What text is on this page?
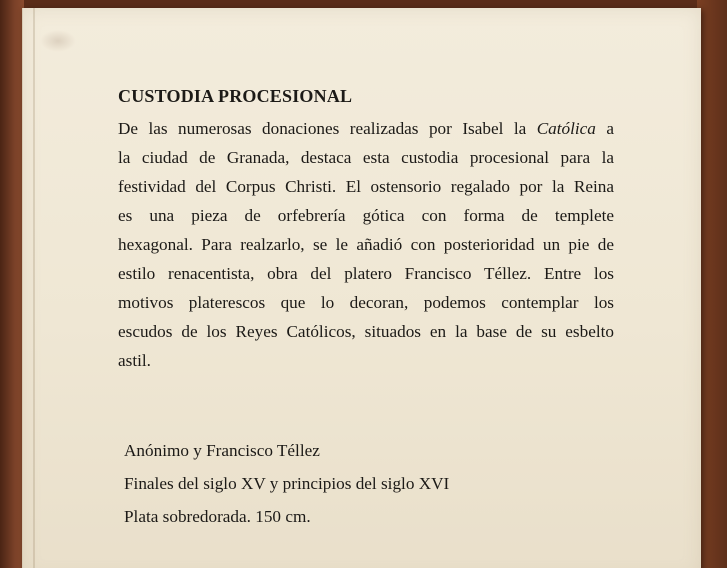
CUSTODIA PROCESIONAL
De las numerosas donaciones realizadas por Isabel la Católica a
la ciudad de Granada, destaca esta custodia procesional para la
festividad del Corpus Christi. El ostensorio regalado por la Reina
es una pieza de orfebrería gótica con forma de templete
hexagonal. Para realzarlo, se le añadió con posterioridad un pie de
estilo renacentista, obra del platero Francisco Téllez. Entre los
motivos platerescos que lo decoran, podemos contemplar los
escudos de los Reyes Católicos, situados en la base de su esbelto
astil.
Anónimo y Francisco Téllez
Finales del siglo XV y principios del siglo XVI
Plata sobredorada. 150 cm.
